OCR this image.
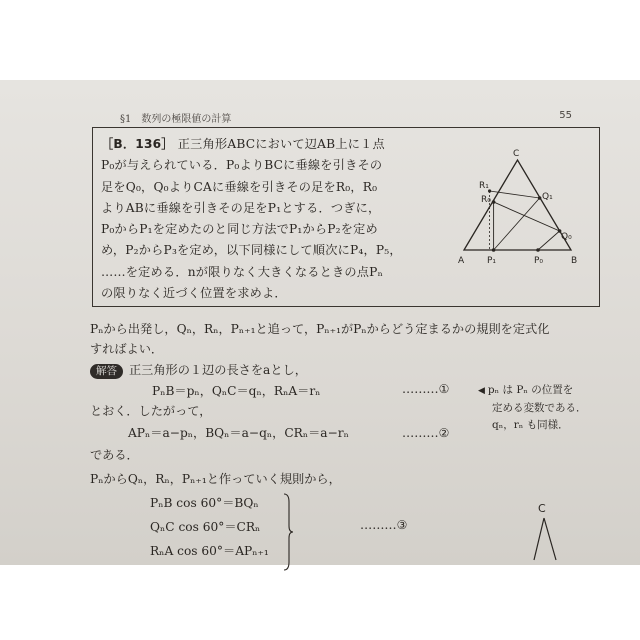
§1　数列の極限値の計算	55

［B．136］ 正三角形ABCにおいて辺AB上に１点

P₀が与えられている．P₀よりBCに垂線を引きその

足をQ₀，Q₀よりCAに垂線を引きその足をR₀，R₀

よりABに垂線を引きその足をP₁とする．つぎに，

P₀からP₁を定めたのと同じ方法でP₁からP₂を定め

め，P₂からP₃を定め，以下同様にして順次にP₄，P₅，

……を定める．nが限りなく大きくなるときの点Pₙ

の限りなく近づく位置を求めよ．

C
A	B
R₁
R₀	Q₁
Q₀
P₁	P₀
Pₙから出発し，Qₙ，Rₙ，Pₙ₊₁と追って，Pₙ₊₁がPₙからどう定まるかの規則を定式化
すればよい．
解答 正三角形の１辺の長さをaとし，
PₙB＝pₙ，QₙC＝qₙ，RₙA＝rₙ	………①	◀ pₙ は Pₙ の位置を
定める変数である．
qₙ，rₙ も同様．
とおく．したがって，
APₙ＝a−pₙ，BQₙ＝a−qₙ，CRₙ＝a−rₙ	………②
である．
PₙからQₙ，Rₙ，Pₙ₊₁と作っていく規則から，
PₙB cos 60°＝BQₙ
QₙC cos 60°＝CRₙ
RₙA cos 60°＝APₙ₊₁
………③
C
